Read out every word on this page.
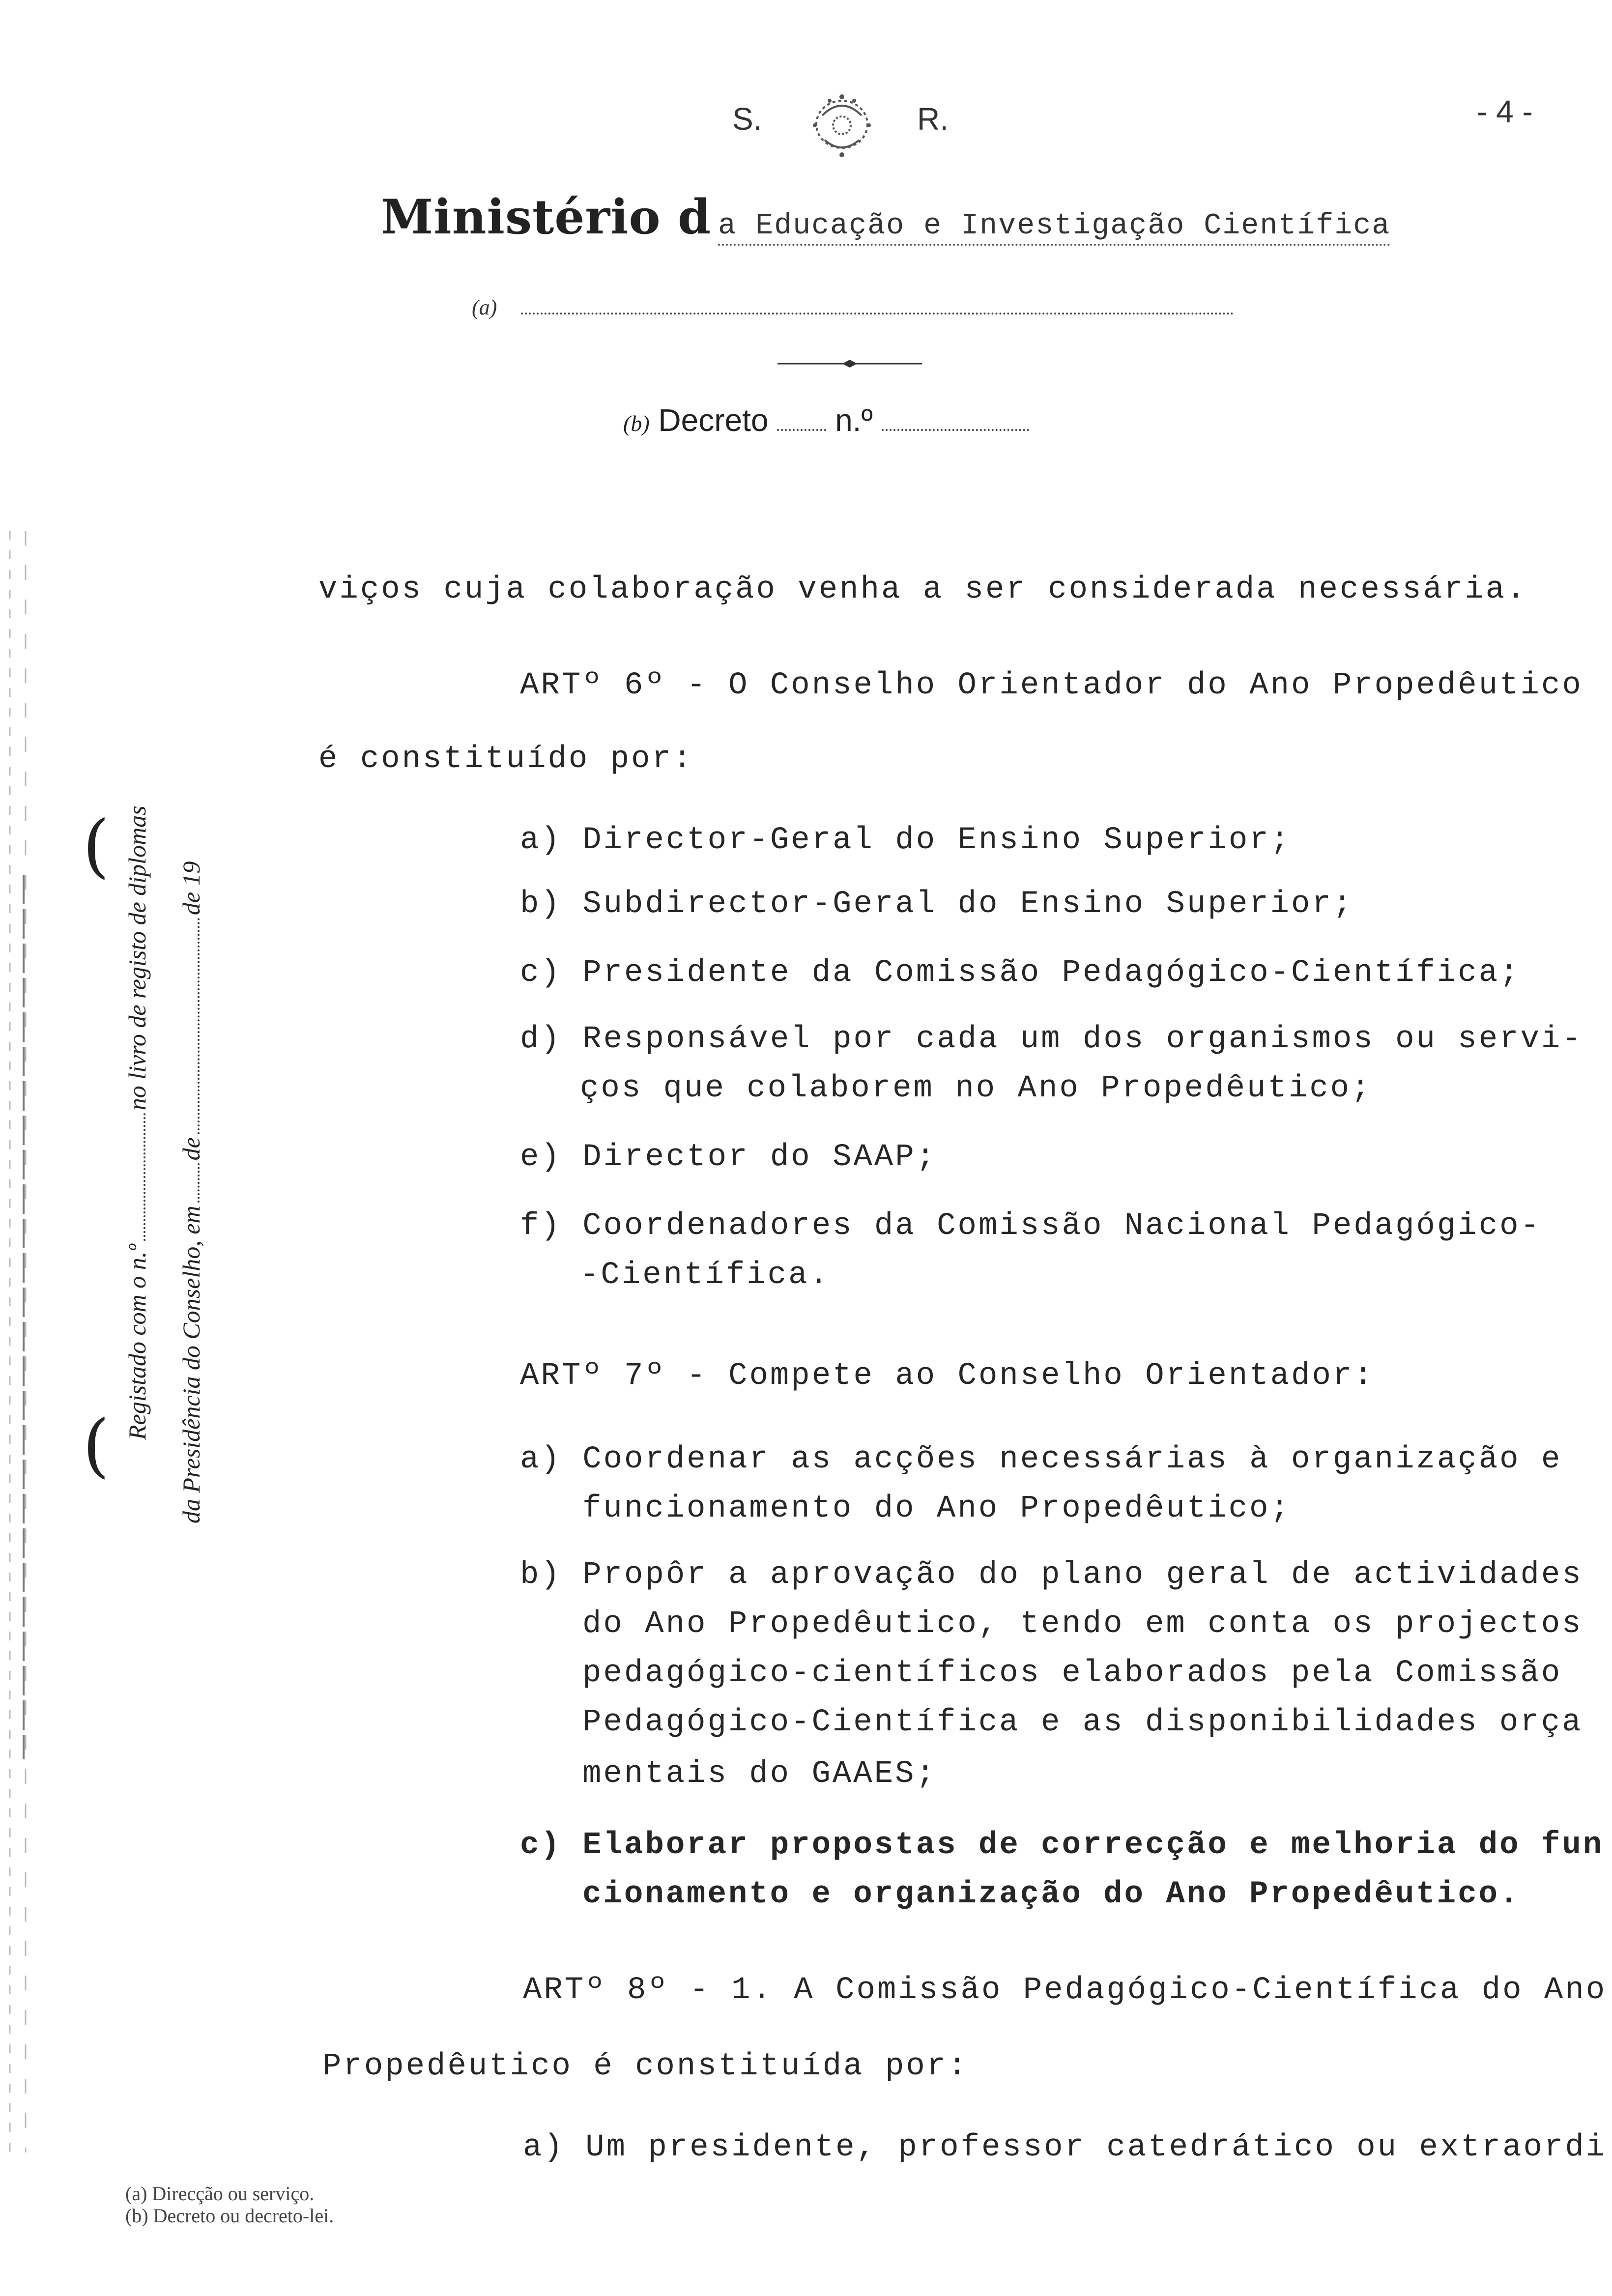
S.	R.	- 4 -
Ministério d a Educação e Investigação Científica
(a)
(b) Decreto n.º
(
(
Registado com o n.º
no livro de registo de diplomas
da Presidência do Conselho, em
de
de 19
viços cuja colaboração venha a ser considerada necessária.
ARTº 6º - O Conselho Orientador do Ano Propedêutico
é constituído por:
a) Director-Geral do Ensino Superior;
b) Subdirector-Geral do Ensino Superior;
c) Presidente da Comissão Pedagógico-Científica;
d) Responsável por cada um dos organismos ou servi-
ços que colaborem no Ano Propedêutico;
e) Director do SAAP;
f) Coordenadores da Comissão Nacional Pedagógico-
-Científica.
ARTº 7º - Compete ao Conselho Orientador:
a) Coordenar as acções necessárias à organização e
funcionamento do Ano Propedêutico;
b) Propôr a aprovação do plano geral de actividades
do Ano Propedêutico, tendo em conta os projectos
pedagógico-científicos elaborados pela Comissão
Pedagógico-Científica e as disponibilidades orça
mentais do GAAES;
c) Elaborar propostas de correcção e melhoria do fun
cionamento e organização do Ano Propedêutico.
ARTº 8º - 1. A Comissão Pedagógico-Científica do Ano
Propedêutico é constituída por:
a) Um presidente, professor catedrático ou extraordi
(a) Direcção ou serviço.
(b) Decreto ou decreto-lei.
